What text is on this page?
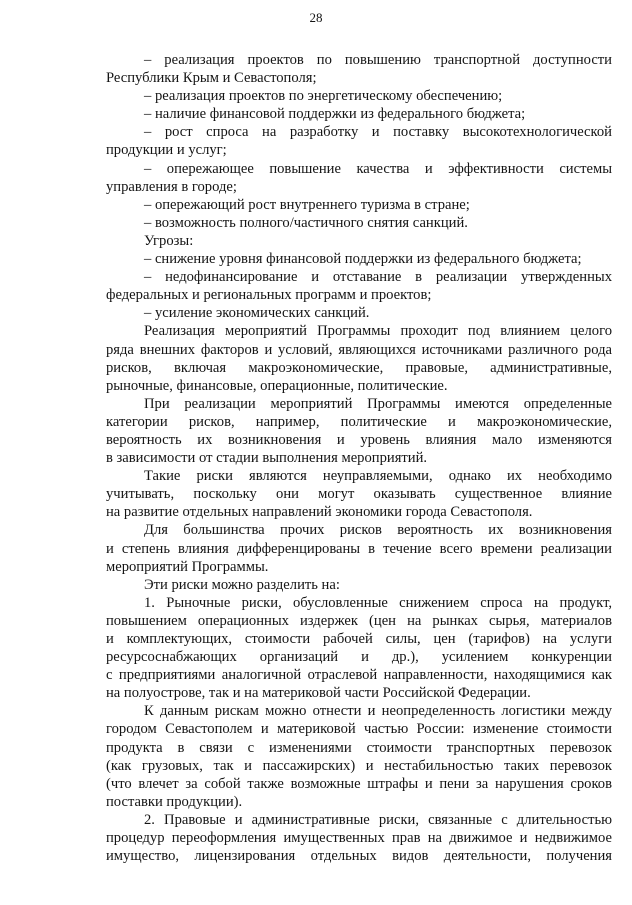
28
– реализация проектов по повышению транспортной доступности
Республики Крым и Севастополя;
– реализация проектов по энергетическому обеспечению;
– наличие финансовой поддержки из федерального бюджета;
– рост спроса на разработку и поставку высокотехнологической
продукции и услуг;
– опережающее повышение качества и эффективности системы
управления в городе;
– опережающий рост внутреннего туризма в стране;
– возможность полного/частичного снятия санкций.
Угрозы:
– снижение уровня финансовой поддержки из федерального бюджета;
– недофинансирование и отставание в реализации утвержденных
федеральных и региональных программ и проектов;
– усиление экономических санкций.
Реализация мероприятий Программы проходит под влиянием целого
ряда внешних факторов и условий, являющихся источниками различного рода
рисков, включая макроэкономические, правовые, административные,
рыночные, финансовые, операционные, политические.
При реализации мероприятий Программы имеются определенные
категории рисков, например, политические и макроэкономические,
вероятность их возникновения и уровень влияния мало изменяются
в зависимости от стадии выполнения мероприятий.
Такие риски являются неуправляемыми, однако их необходимо
учитывать, поскольку они могут оказывать существенное влияние
на развитие отдельных направлений экономики города Севастополя.
Для большинства прочих рисков вероятность их возникновения
и степень влияния дифференцированы в течение всего времени реализации
мероприятий Программы.
Эти риски можно разделить на:
1. Рыночные риски, обусловленные снижением спроса на продукт,
повышением операционных издержек (цен на рынках сырья, материалов
и комплектующих, стоимости рабочей силы, цен (тарифов) на услуги
ресурсоснабжающих организаций и др.), усилением конкуренции
с предприятиями аналогичной отраслевой направленности, находящимися как
на полуострове, так и на материковой части Российской Федерации.
К данным рискам можно отнести и неопределенность логистики между
городом Севастополем и материковой частью России: изменение стоимости
продукта в связи с изменениями стоимости транспортных перевозок
(как грузовых, так и пассажирских) и нестабильностью таких перевозок
(что влечет за собой также возможные штрафы и пени за нарушения сроков
поставки продукции).
2. Правовые и административные риски, связанные с длительностью
процедур переоформления имущественных прав на движимое и недвижимое
имущество, лицензирования отдельных видов деятельности, получения
